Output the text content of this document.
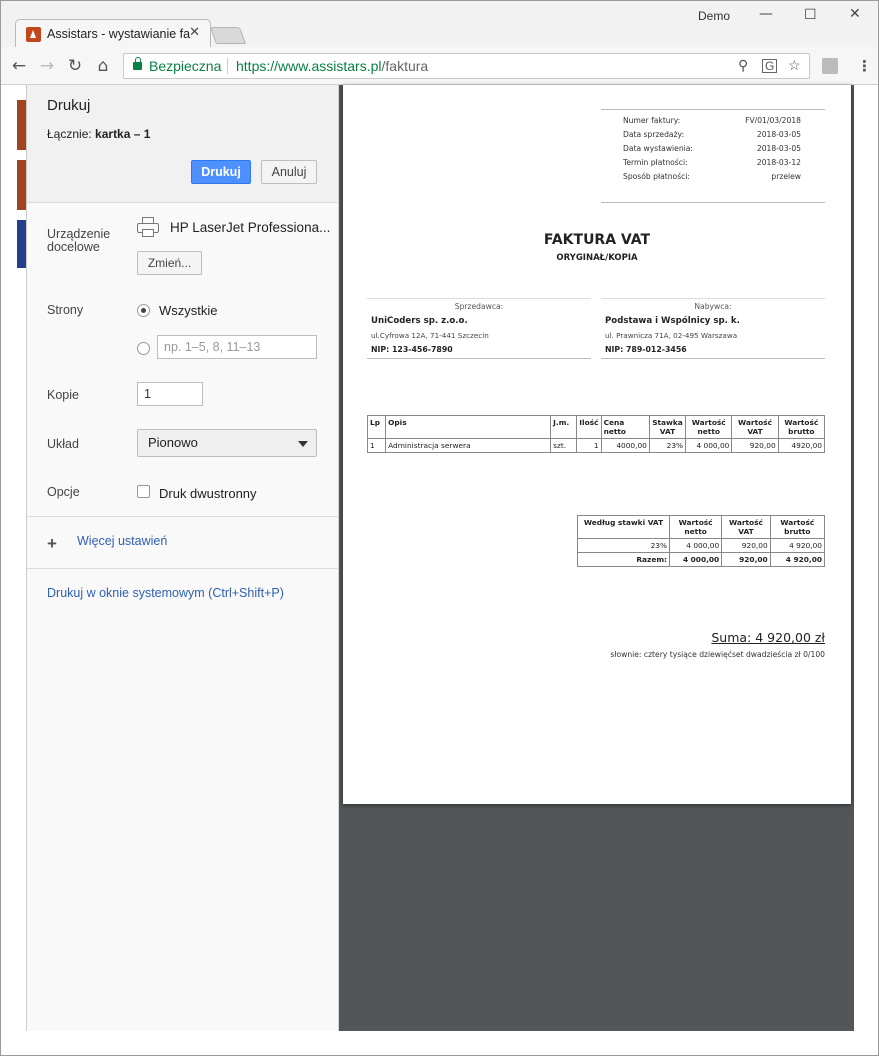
Assistars - wystawianie fa
✕
Demo — ☐ ✕
← → ↻ ⌂	Bezpieczna https://www.assistars.pl/faktura	⚲ G ☆	⋮
Drukuj
Łącznie: kartka – 1
Drukuj	Anuluj
Urządzenie docelowe
HP LaserJet Professiona...
Zmień...
Strony	Wszystkie
np. 1–5, 8, 11–13
Kopie	1
Układ	Pionowo
Opcje	Druk dwustronny
+ Więcej ustawień
Drukuj w oknie systemowym (Ctrl+Shift+P)
Numer faktury:	FV/01/03/2018
Data sprzedaży:	2018-03-05
Data wystawienia:	2018-03-05
Termin płatności:	2018-03-12
Sposób płatności:	przelew
FAKTURA VAT
ORYGINAŁ/KOPIA
Sprzedawca:
UniCoders sp. z.o.o.
ul.Cyfrowa 12A, 71-441 Szczecin
NIP: 123-456-7890
Nabywca:
Podstawa i Wspólnicy sp. k.
ul. Prawnicza 71A, 02-495 Warszawa
NIP: 789-012-3456
Lp	Opis	J.m.	Ilość	Cena netto	Stawka VAT	Wartość netto	Wartość VAT	Wartość brutto
1	Administracja serwera	szt.	1	4000,00	23%	4 000,00	920,00	4920,00
Według stawki VAT	Wartość netto	Wartość VAT	Wartość brutto
23%	4 000,00	920,00	4 920,00
Razem:	4 000,00	920,00	4 920,00
Suma: 4 920,00 zł
słownie: cztery tysiące dziewięćset dwadzieścia zł 0/100
